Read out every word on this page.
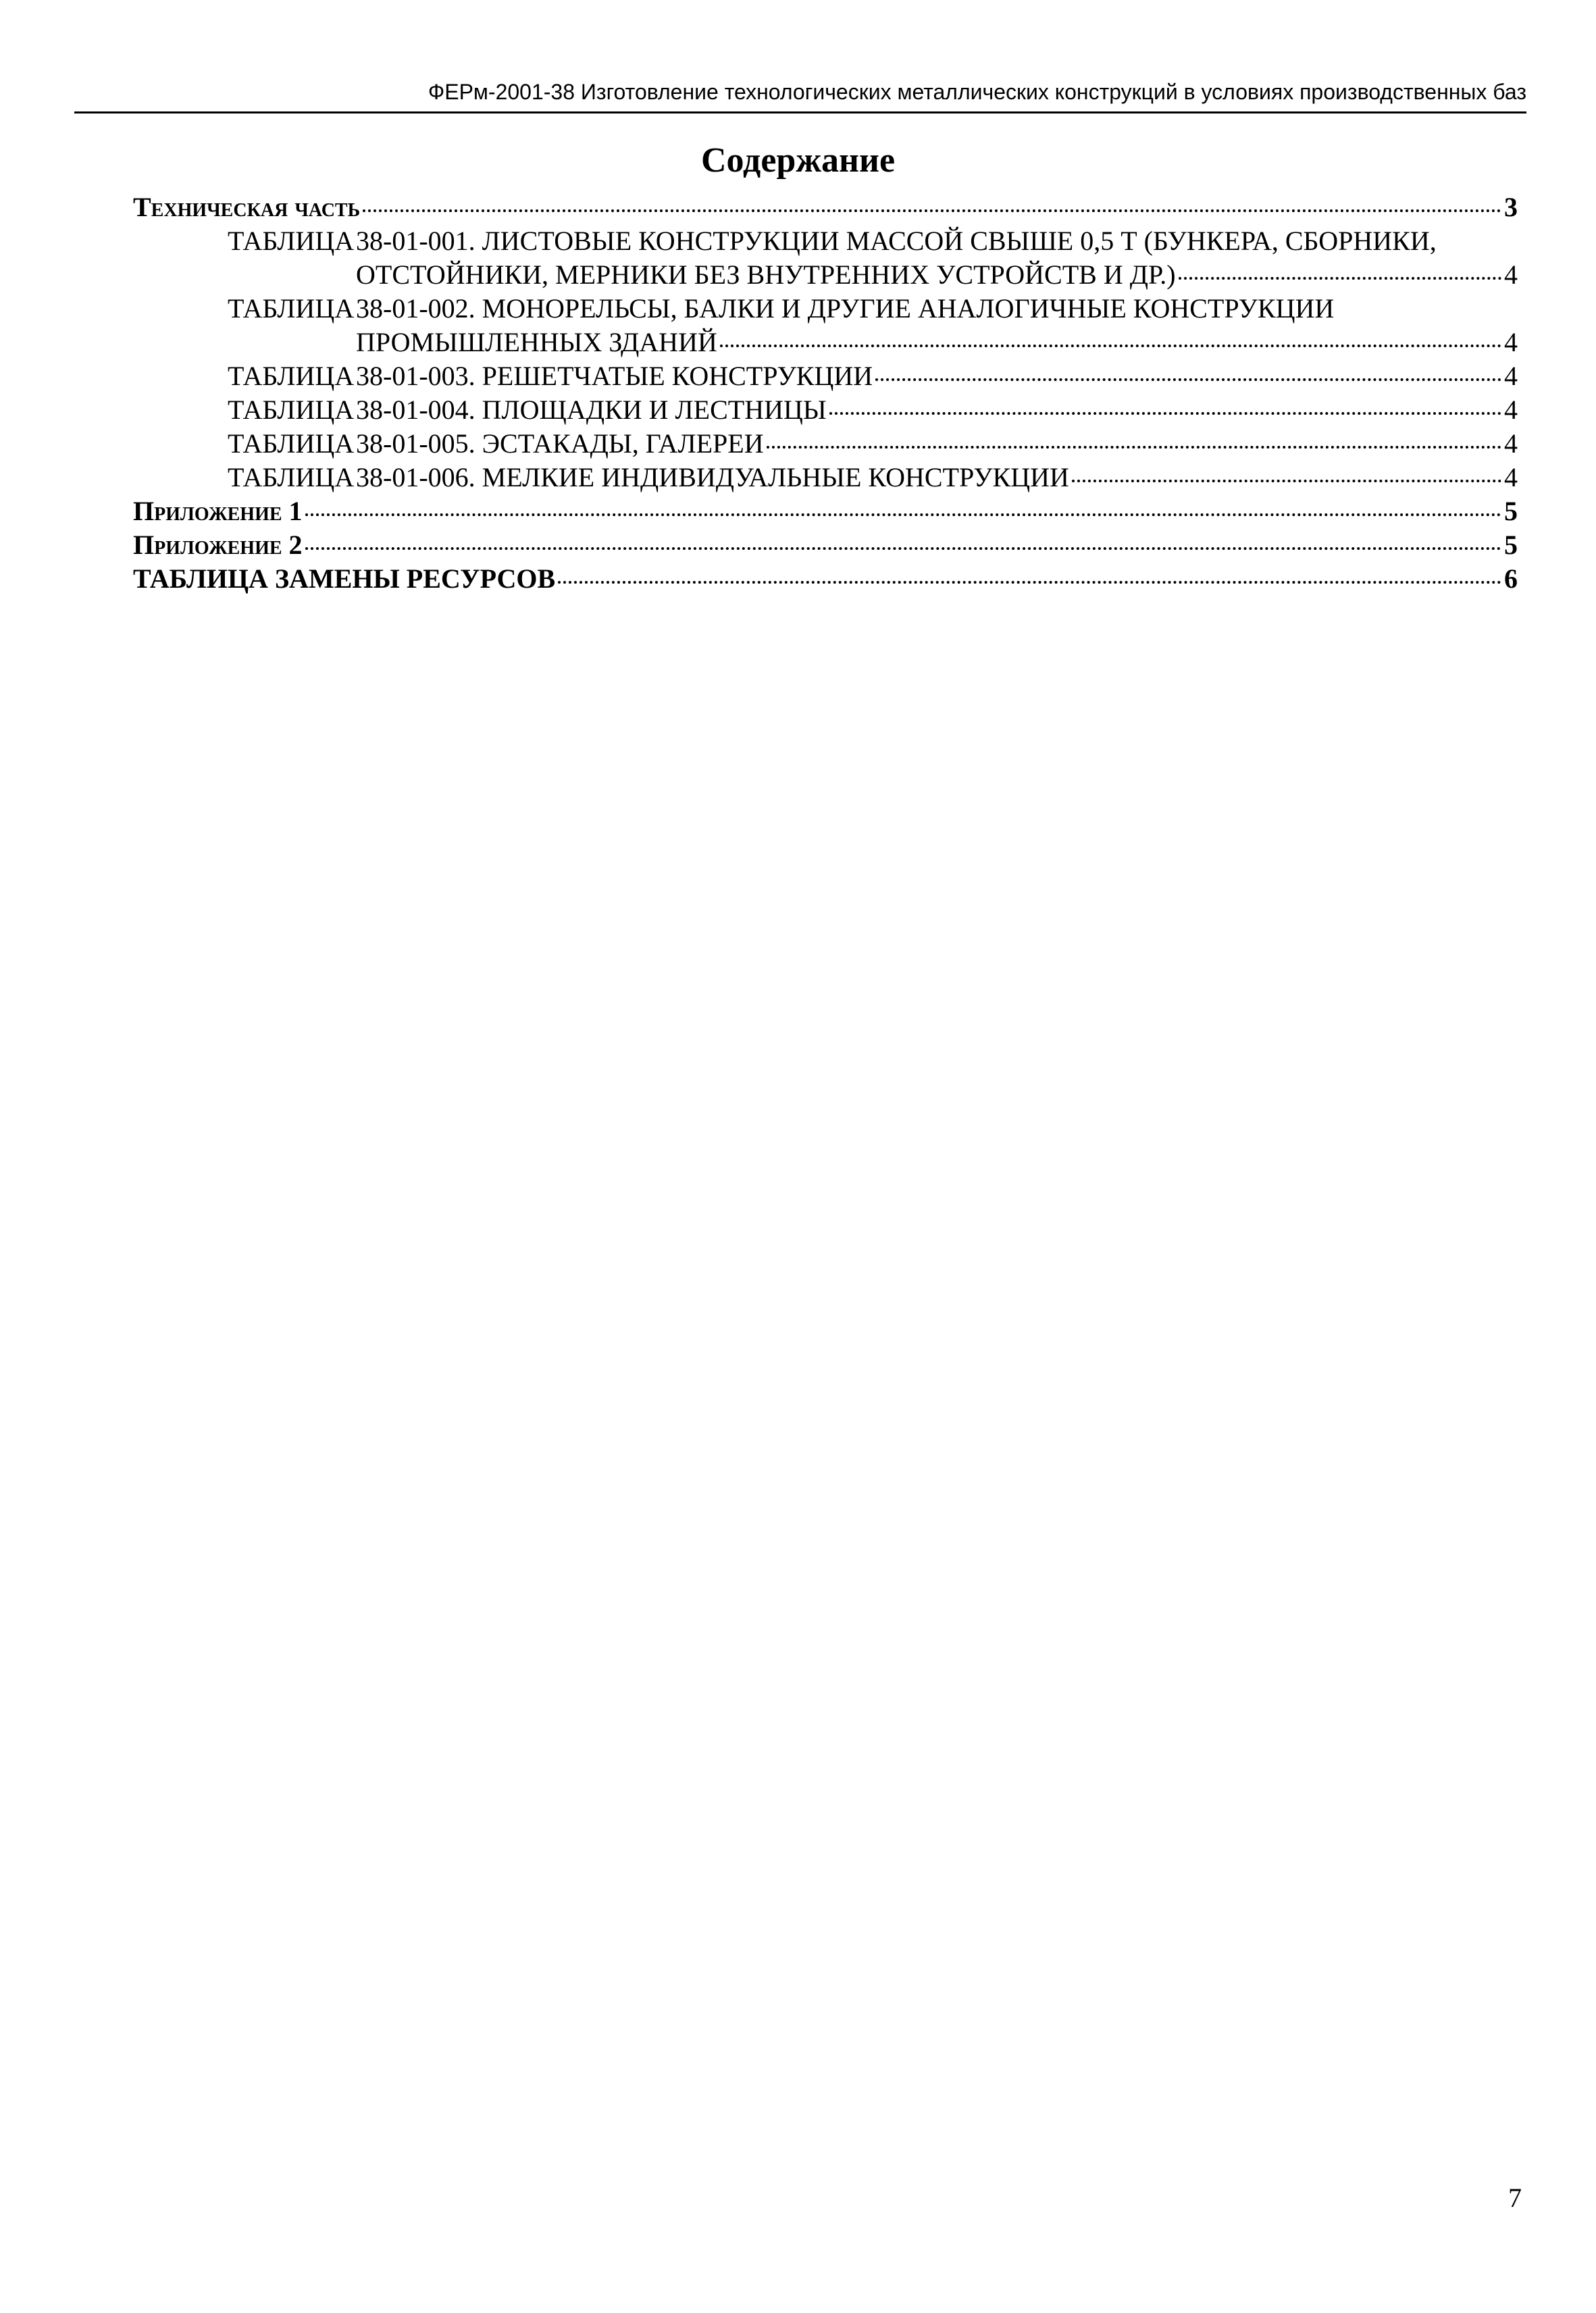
ФЕРм-2001-38 Изготовление технологических металлических конструкций в условиях производственных баз
Содержание
Техническая часть	3
ТАБЛИЦА 38-01-001. ЛИСТОВЫЕ КОНСТРУКЦИИ МАССОЙ СВЫШЕ 0,5 Т (БУНКЕРА, СБОРНИКИ,
ОТСТОЙНИКИ, МЕРНИКИ БЕЗ ВНУТРЕННИХ УСТРОЙСТВ И ДР.)	4
ТАБЛИЦА 38-01-002. МОНОРЕЛЬСЫ, БАЛКИ И ДРУГИЕ АНАЛОГИЧНЫЕ КОНСТРУКЦИИ
ПРОМЫШЛЕННЫХ ЗДАНИЙ	4
ТАБЛИЦА 38-01-003. РЕШЕТЧАТЫЕ КОНСТРУКЦИИ	4
ТАБЛИЦА 38-01-004. ПЛОЩАДКИ И ЛЕСТНИЦЫ	4
ТАБЛИЦА 38-01-005. ЭСТАКАДЫ, ГАЛЕРЕИ	4
ТАБЛИЦА 38-01-006. МЕЛКИЕ ИНДИВИДУАЛЬНЫЕ КОНСТРУКЦИИ	4
Приложение 1	5
Приложение 2	5
ТАБЛИЦА ЗАМЕНЫ РЕСУРСОВ	6
7
